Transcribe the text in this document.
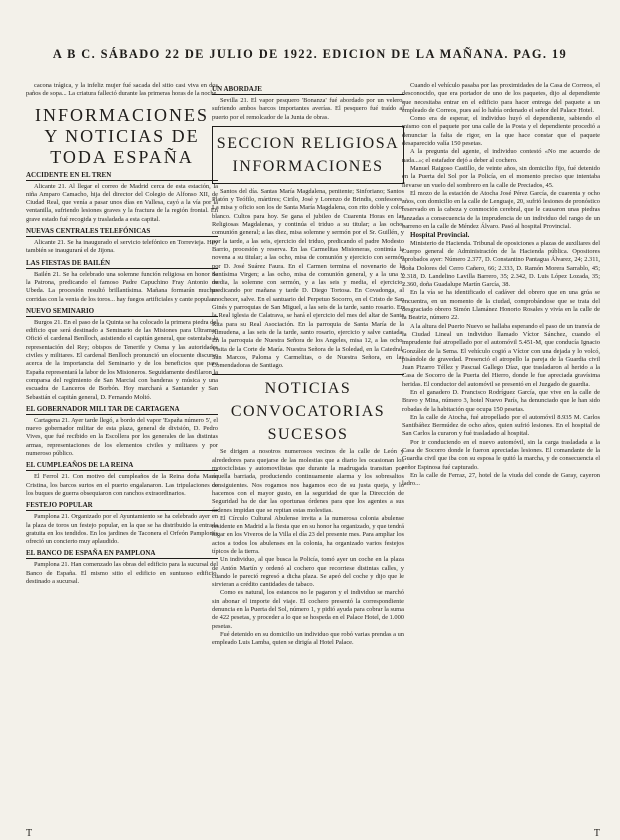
A B C. SÁBADO 22 DE JULIO DE 1922. EDICION DE LA MAÑANA. PAG. 19

cacona trágica, y la infeliz mujer fué sacada del sitio casi viva en dos paños de sopa... La criatura falleció durante las primeras horas de la noche.

INFORMACIONES Y NOTICIAS DE TODA ESPAÑA
ACCIDENTE EN EL TREN

Alicante 21. Al llegar el correo de Madrid cerca de esta estación, la niña Amparo Camacho, hija del director del Colegio de Alfonso XII, de Ciudad Real, que venía a pasar unos días en Vallesa, cayó a la vía por la ventanilla, sufriendo lesiones graves y la fractura de la región frontal. En grave estado fué recogida y trasladada a esta capital.

NUEVAS CENTRALES TELEFÓNICAS

Alicante 21. Se ha inaugurado el servicio telefónico en Torrevieja. Hoy también se inaugurará el de Jijona.

LAS FIESTAS DE BAILÉN

Bailén 21. Se ha celebrado una solemne función religiosa en honor de la Patrona, predicando el famoso Padre Capuchino Fray Antonio de Ubeda. La procesión resultó brillantísima. Mañana formarán muchas corridas con la venia de los toros... hay fuegos artificiales y cante popular.

NUEVO SEMINARIO

Burgos 21. En el paso de la Quinta se ha colocado la primera piedra del edificio que será destinado a Seminario de las Misiones para Ultramar. Ofició el cardenal Benlloch, asistiendo el capitán general, que ostentaba la representación del Rey; obispos de Tenerife y Osma y las autoridades civiles y militares. El cardenal Benlloch pronunció un elocuente discurso acerca de la importancia del Seminario y de los beneficios que para España representará la labor de los Misioneros. Seguidamente desfilaron la comparsa del regimiento de San Marcial con banderas y música y una escuadra de Lanceros de Borbón. Hoy marchará a Santander y San Sebastián el capitán general, D. Fernando Moltó.

EL GOBERNADOR MILI TAR DE CARTAGENA

Cartagena 21. Ayer tarde llegó, a bordo del vapor 'España número 5', el nuevo gobernador militar de esta plaza, general de división, D. Pedro Vives, que fué recibido en la Escollera por los generales de las distintas armas, representaciones de los elementos civiles y militares y por numeroso público.

EL CUMPLEAÑOS DE LA REINA

El Ferrol 21. Con motivo del cumpleaños de la Reina doña María Cristina, los barcos surtos en el puerto engalanaron. Las tripulaciones de los buques de guerra obsequiaron con ranchos extraordinarios.

FESTEJO POPULAR

Pamplona 21. Organizado por el Ayuntamiento se ha celebrado ayer en la plaza de toros un festejo popular, en la que se ha distribuido la entrada gratuita en los tendidos. En los jardines de Taconera el Orfeón Pamplonés ofreció un concierto muy aplaudido.

EL BANCO DE ESPAÑA EN PAMPLONA

Pamplona 21. Han comenzado las obras del edificio para la sucursal del Banco de España. El mismo sitio el edificio en suntuoso edificio, destinado a sucursal.

UN ABORDAJE

Sevilla 21. El vapor pesquero 'Bonanza' fué abordado por un velero, sufriendo ambos barcos importantes averías. El pesquero fué traído al puerto por el remolcador de la Junta de obras.

SECCION RELIGIOSA
INFORMACIONES

Santos del día. Santas María Magdalena, penitente; Sinforiano; Santos Platón y Teófilo, mártires; Cirilo, José y Lorenzo de Brindis, confesores. La misa y oficio son los de Santa María Magdalena, con rito doble y color blanco. Cultos para hoy. Se gana el jubileo de Cuarenta Horas en las Religiosas Magdalenas, y continúa el triduo a su titular; a las ocho, comunión general; a las diez, misa solemne y sermón por el Sr. Guillén, y por la tarde, a las seis, ejercicio del triduo, predicando el padre Modesto Barrio, procesión y reserva. En las Carmelitas Misioneras, continúa la novena a su titular; a las ocho, misa de comunión y ejercicio con sermón por D. José Suárez Faura. En el Carmen termina el novenario de la Santísima Virgen; a las ocho, misa de comunión general, y a la una y media, la solemne con sermón, y a las seis y media, el ejercicio, predicando por mañana y tarde D. Diego Tortosa. En Covadonga, al anochecer, salve. En el santuario del Perpetuo Socorro, en el Cristo de San Ginés y parroquias de San Miguel, a las seis de la tarde, santo rosario. En la Real iglesia de Calatrava, se hará el ejercicio del mes del altar de Santa Rita para su Real Asociación. En la parroquia de Santa María de la Almudena, a las seis de la tarde, santo rosario, ejercicio y salve cantada. En la parroquia de Nuestra Señora de los Angeles, misa 12, a las ocho. Visita de la Corte de María. Nuestra Señora de la Soledad, en la Catedral, San Marcos, Paloma y Carmelitas, o de Nuestra Señora, en las Comendadoras de Santiago.

NOTICIAS
CONVOCATORIAS
SUCESOS

Se dirigen a nosotros numerosos vecinos de la calle de León y alrededores para quejarse de las molestias que a diario les ocasionan los motociclistas y automovilistas que durante la madrugada transitan por aquella barriada, produciendo continuamente alarma y los sobresaltos consiguientes. Nos rogamos nos hagamos eco de su justa queja, y lo hacemos con el mayor gusto, en la seguridad de que la Dirección de Seguridad ha de dar las oportunas órdenes para que los agentes a sus órdenes impidan que se repitan estas molestias.

El Círculo Cultural Abulense invita a la numerosa colonia abulense residente en Madrid a la fiesta que en su honor ha organizado, y que tendrá lugar en los Viveros de la Villa el día 23 del presente mes. Para ampliar los actos a todos los abulenses en la colonia, ha organizado varios festejos típicos de la tierra.

Un individuo, al que busca la Policía, tomó ayer un coche en la plaza de Antón Martín y ordenó al cochero que recorriese distintas calles, y cuando le pareció regresó a dicha plaza. Se apeó del coche y dijo que le sirvieran a crédito cantidades de tabaco.

Como es natural, los estancos no le pagaron y el individuo se marchó sin abonar el importe del viaje. El cochero presentó la correspondiente denuncia en la Puerta del Sol, número 1, y pidió ayuda para cobrar la suma de 422 pesetas, y proceder a lo que se hospeda en el Palace Hotel, de 1.000 pesetas.

Fué detenido en su domicilio un individuo que robó varias prendas a un empleado Luis Lamba, quien se dirigía al Hotel Palace.

Cuando el vehículo pasaba por las proximidades de la Casa de Correos, el desconocido, que era portador de uno de los paquetes, dijo al dependiente que necesitaba entrar en el edificio para hacer entrega del paquete a un empleado de Correos, pues así lo había ordenado el señor del Palace Hotel.

Como era de esperar, el individuo huyó el dependiente, sabiendo el mismo con el paquete por una calle de la Posta y el dependiente procedió a denunciar la falta de rigor, en la que hace constar que el paquete desaparecido valía 150 pesetas.

A la pregunta del agente, el individuo contestó «No me acuerdo de nada...»; el estafador dejó a deber al cochero.

Manuel Raigoso Castillo, de veinte años, sin domicilio fijo, fué detenido en la Puerta del Sol por la Policía, en el momento preciso que intentaba llevarse un vuelo del sombrero en la calle de Preciados, 45.

El mozo de la estación de Atocha José Pérez García, de cuarenta y ocho años, con domicilio en la calle de Lenguaje, 20, sufrió lesiones de pronóstico reservado en la cabeza y conmoción cerebral, que le causaron unas piedras lanzadas a consecuencia de la imprudencia de un individuo del rango de un barreno en la calle de Méndez Álvaro. Pasó al hospital Provincial.

Hospital Provincial.

Ministerio de Hacienda. Tribunal de oposiciones a plazas de auxiliares del Cuerpo general de Administración de la Hacienda pública. Opositores aprobados ayer: Número 2.377, D. Constantino Pantagua Álvarez, 24; 2.311, doña Dolores del Cerro Cañero, 66; 2.333, D. Ramón Morera Sarrablo, 45; 2.318, D. Landelino Lavilla Barrero, 35; 2.342, D. Luis López Lozada, 35; 2.360, doña Guadalupe Martín García, 38.

En la vía se ha identificado el cadáver del obrero que en una grúa se encuentra, en un momento de la ciudad, comprobándose que se trata del desgraciado obrero Simón Llamánez Honorio Rosales y vivía en la calle de la Beatriz, número 22.

A la altura del Puerto Nuevo se hallaba esperando el paso de un tranvía de la Ciudad Lineal un individuo llamado Víctor Sánchez, cuando el imprudente fué atropellado por el automóvil 5.451-M, que conducía Ignacio González de la Sema. El vehículo cogió a Víctor con una dejada y lo volcó, pisándole de gravedad. Presenció el atropello la pareja de la Guardia civil Juan Pizarro Téllez y Pascual Gallego Díaz, que trasladaron al herido a la Casa de Socorro de la Puerta del Hierro, donde le fue apreciada gravísima heridas. El conductor del automóvil se presentó en el Juzgado de guardia.

En el ganadero D. Francisco Rodríguez García, que vive en la calle de Bravo y Mina, número 3, hotel Nuevo París, ha denunciado que le han sido robadas de la habitación que ocupa 150 pesetas.

En la calle de Atocha, fué atropellado por el automóvil 8.935 M. Carlos Santibáñez Bermúdez de ocho años, quien sufrió lesiones. En el hospital de San Carlos la curaron y fué trasladado al hospital.

Por ir conduciendo en el nuevo automóvil, sin la carga trasladada a la Casa de Socorro donde le fueron apreciadas lesiones. El comandante de la Guardia civil que iba con su esposa le quitó la marcha, y de consecuencia el señor Espinosa fué capturado.

En la calle de Ferraz, 27, hotel de la viuda del conde de Garay, cayeron ladro...

Τ	Τ
